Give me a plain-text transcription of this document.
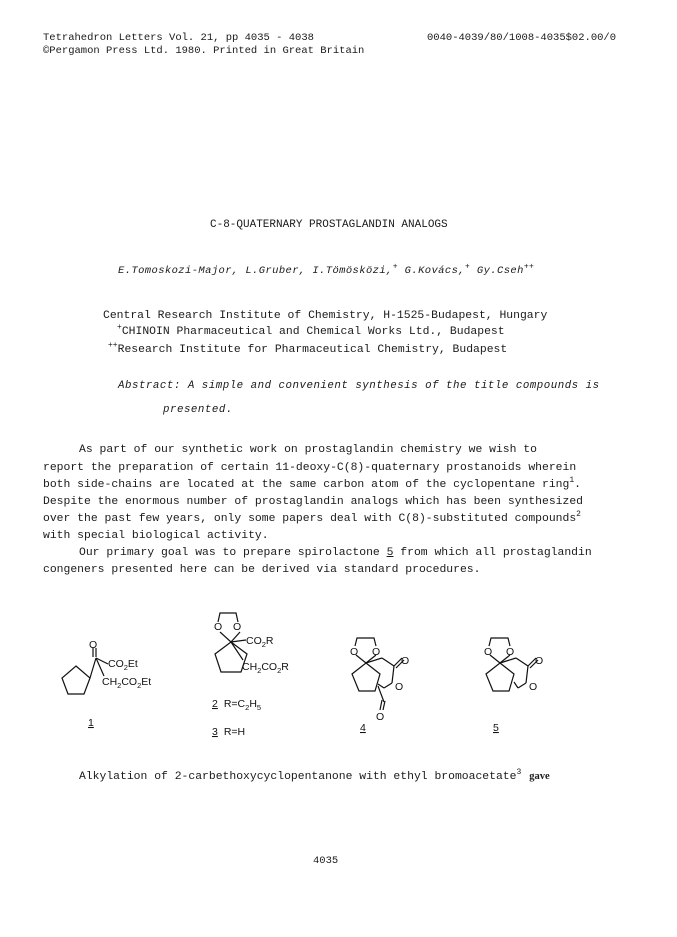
Tetrahedron Letters Vol. 21, pp 4035 - 4038
©Pergamon Press Ltd. 1980. Printed in Great Britain
0040-4039/80/1008-4035$02.00/0
C-8-QUATERNARY PROSTAGLANDIN ANALOGS
E.Tomoskozi-Major, L.Gruber, I.Tömösközi,+ G.Kovács,+ Gy.Cseh++
Central Research Institute of Chemistry, H-1525-Budapest, Hungary
+CHINOIN Pharmaceutical and Chemical Works Ltd., Budapest
++Research Institute for Pharmaceutical Chemistry, Budapest
Abstract: A simple and convenient synthesis of the title compounds is
presented.
As part of our synthetic work on prostaglandin chemistry we wish to
report the preparation of certain 11-deoxy-C(8)-quaternary prostanoids wherein
both side-chains are located at the same carbon atom of the cyclopentane ring$^1$.
Despite the enormous number of prostaglandin analogs which has been synthesized
over the past few years, only some papers deal with C(8)-substituted compounds$^2$
with special biological activity.
Our primary goal was to prepare spirolactone 5 from which all prostaglandin
congeners presented here can be derived via standard procedures.
O
$CO_2Et$
$CH_2CO_2Et$
1
O O
$CO_2R$
$CH_2CO_2R$
2 $R=C_2H_5$
3 R=H
O O
O
O
O
4
O O
O
O
5
Alkylation of 2-carbethoxycyclopentanone with ethyl bromoacetate$^3$ gave
4035
